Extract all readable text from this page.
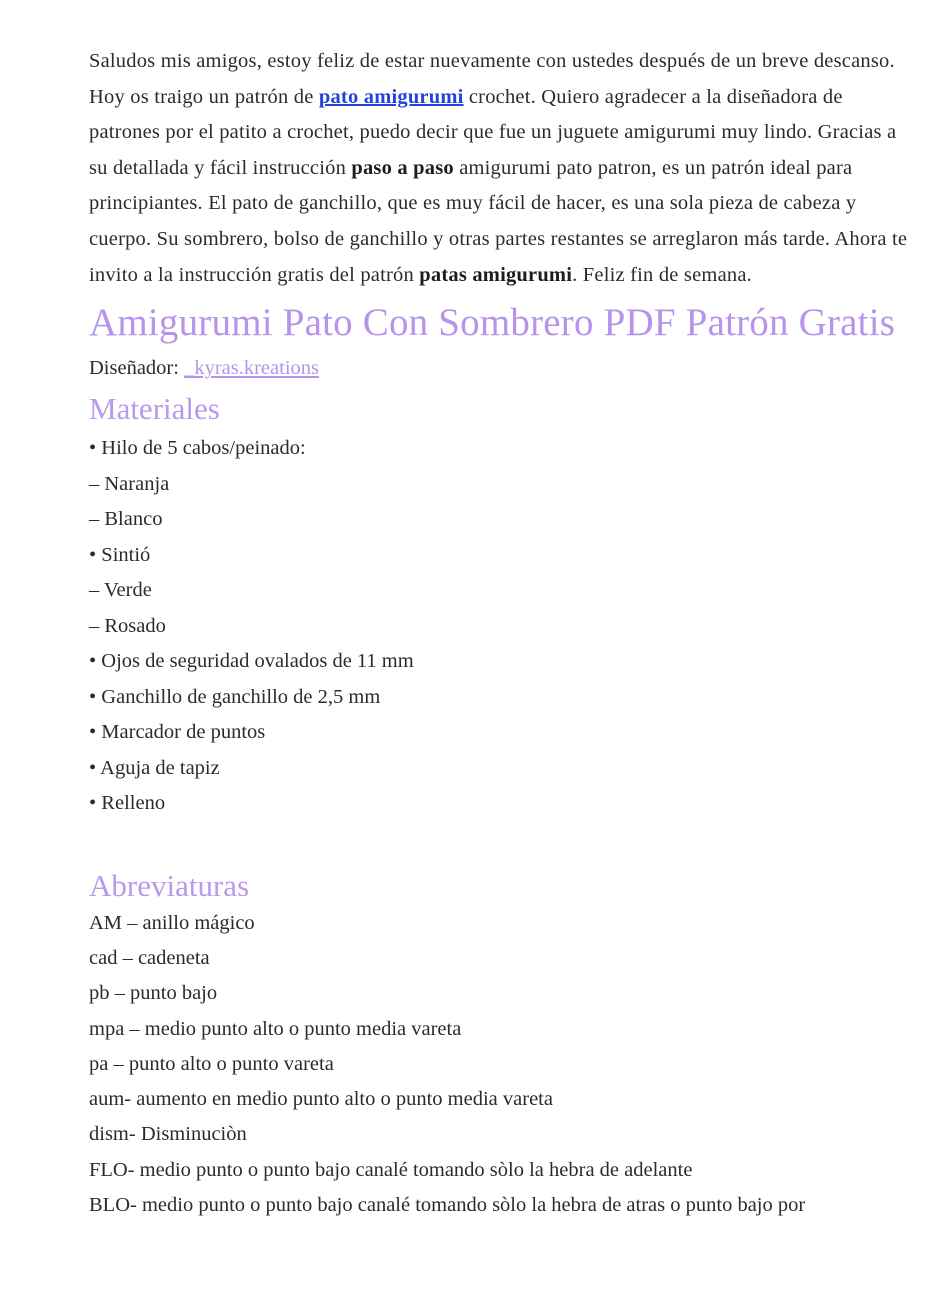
Saludos mis amigos, estoy feliz de estar nuevamente con ustedes después de un breve descanso. Hoy os traigo un patrón de pato amigurumi crochet. Quiero agradecer a la diseñadora de patrones por el patito a crochet, puedo decir que fue un juguete amigurumi muy lindo. Gracias a su detallada y fácil instrucción paso a paso amigurumi pato patron, es un patrón ideal para principiantes. El pato de ganchillo, que es muy fácil de hacer, es una sola pieza de cabeza y cuerpo. Su sombrero, bolso de ganchillo y otras partes restantes se arreglaron más tarde. Ahora te invito a la instrucción gratis del patrón patas amigurumi. Feliz fin de semana.

Amigurumi Pato Con Sombrero PDF Patrón Gratis

Diseñador: _kyras.kreations

Materiales
• Hilo de 5 cabos/peinado:
– Naranja
– Blanco
• Sintió
– Verde
– Rosado
• Ojos de seguridad ovalados de 11 mm
• Ganchillo de ganchillo de 2,5 mm
• Marcador de puntos
• Aguja de tapiz
• Relleno
Abreviaturas
AM – anillo mágico
cad – cadeneta
pb – punto bajo
mpa – medio punto alto o punto media vareta
pa – punto alto o punto vareta
aum- aumento en medio punto alto o punto media vareta
dism- Disminuciòn
FLO- medio punto o punto bajo canalé tomando sòlo la hebra de adelante
BLO- medio punto o punto bajo canalé tomando sòlo la hebra de atras o punto bajo por
